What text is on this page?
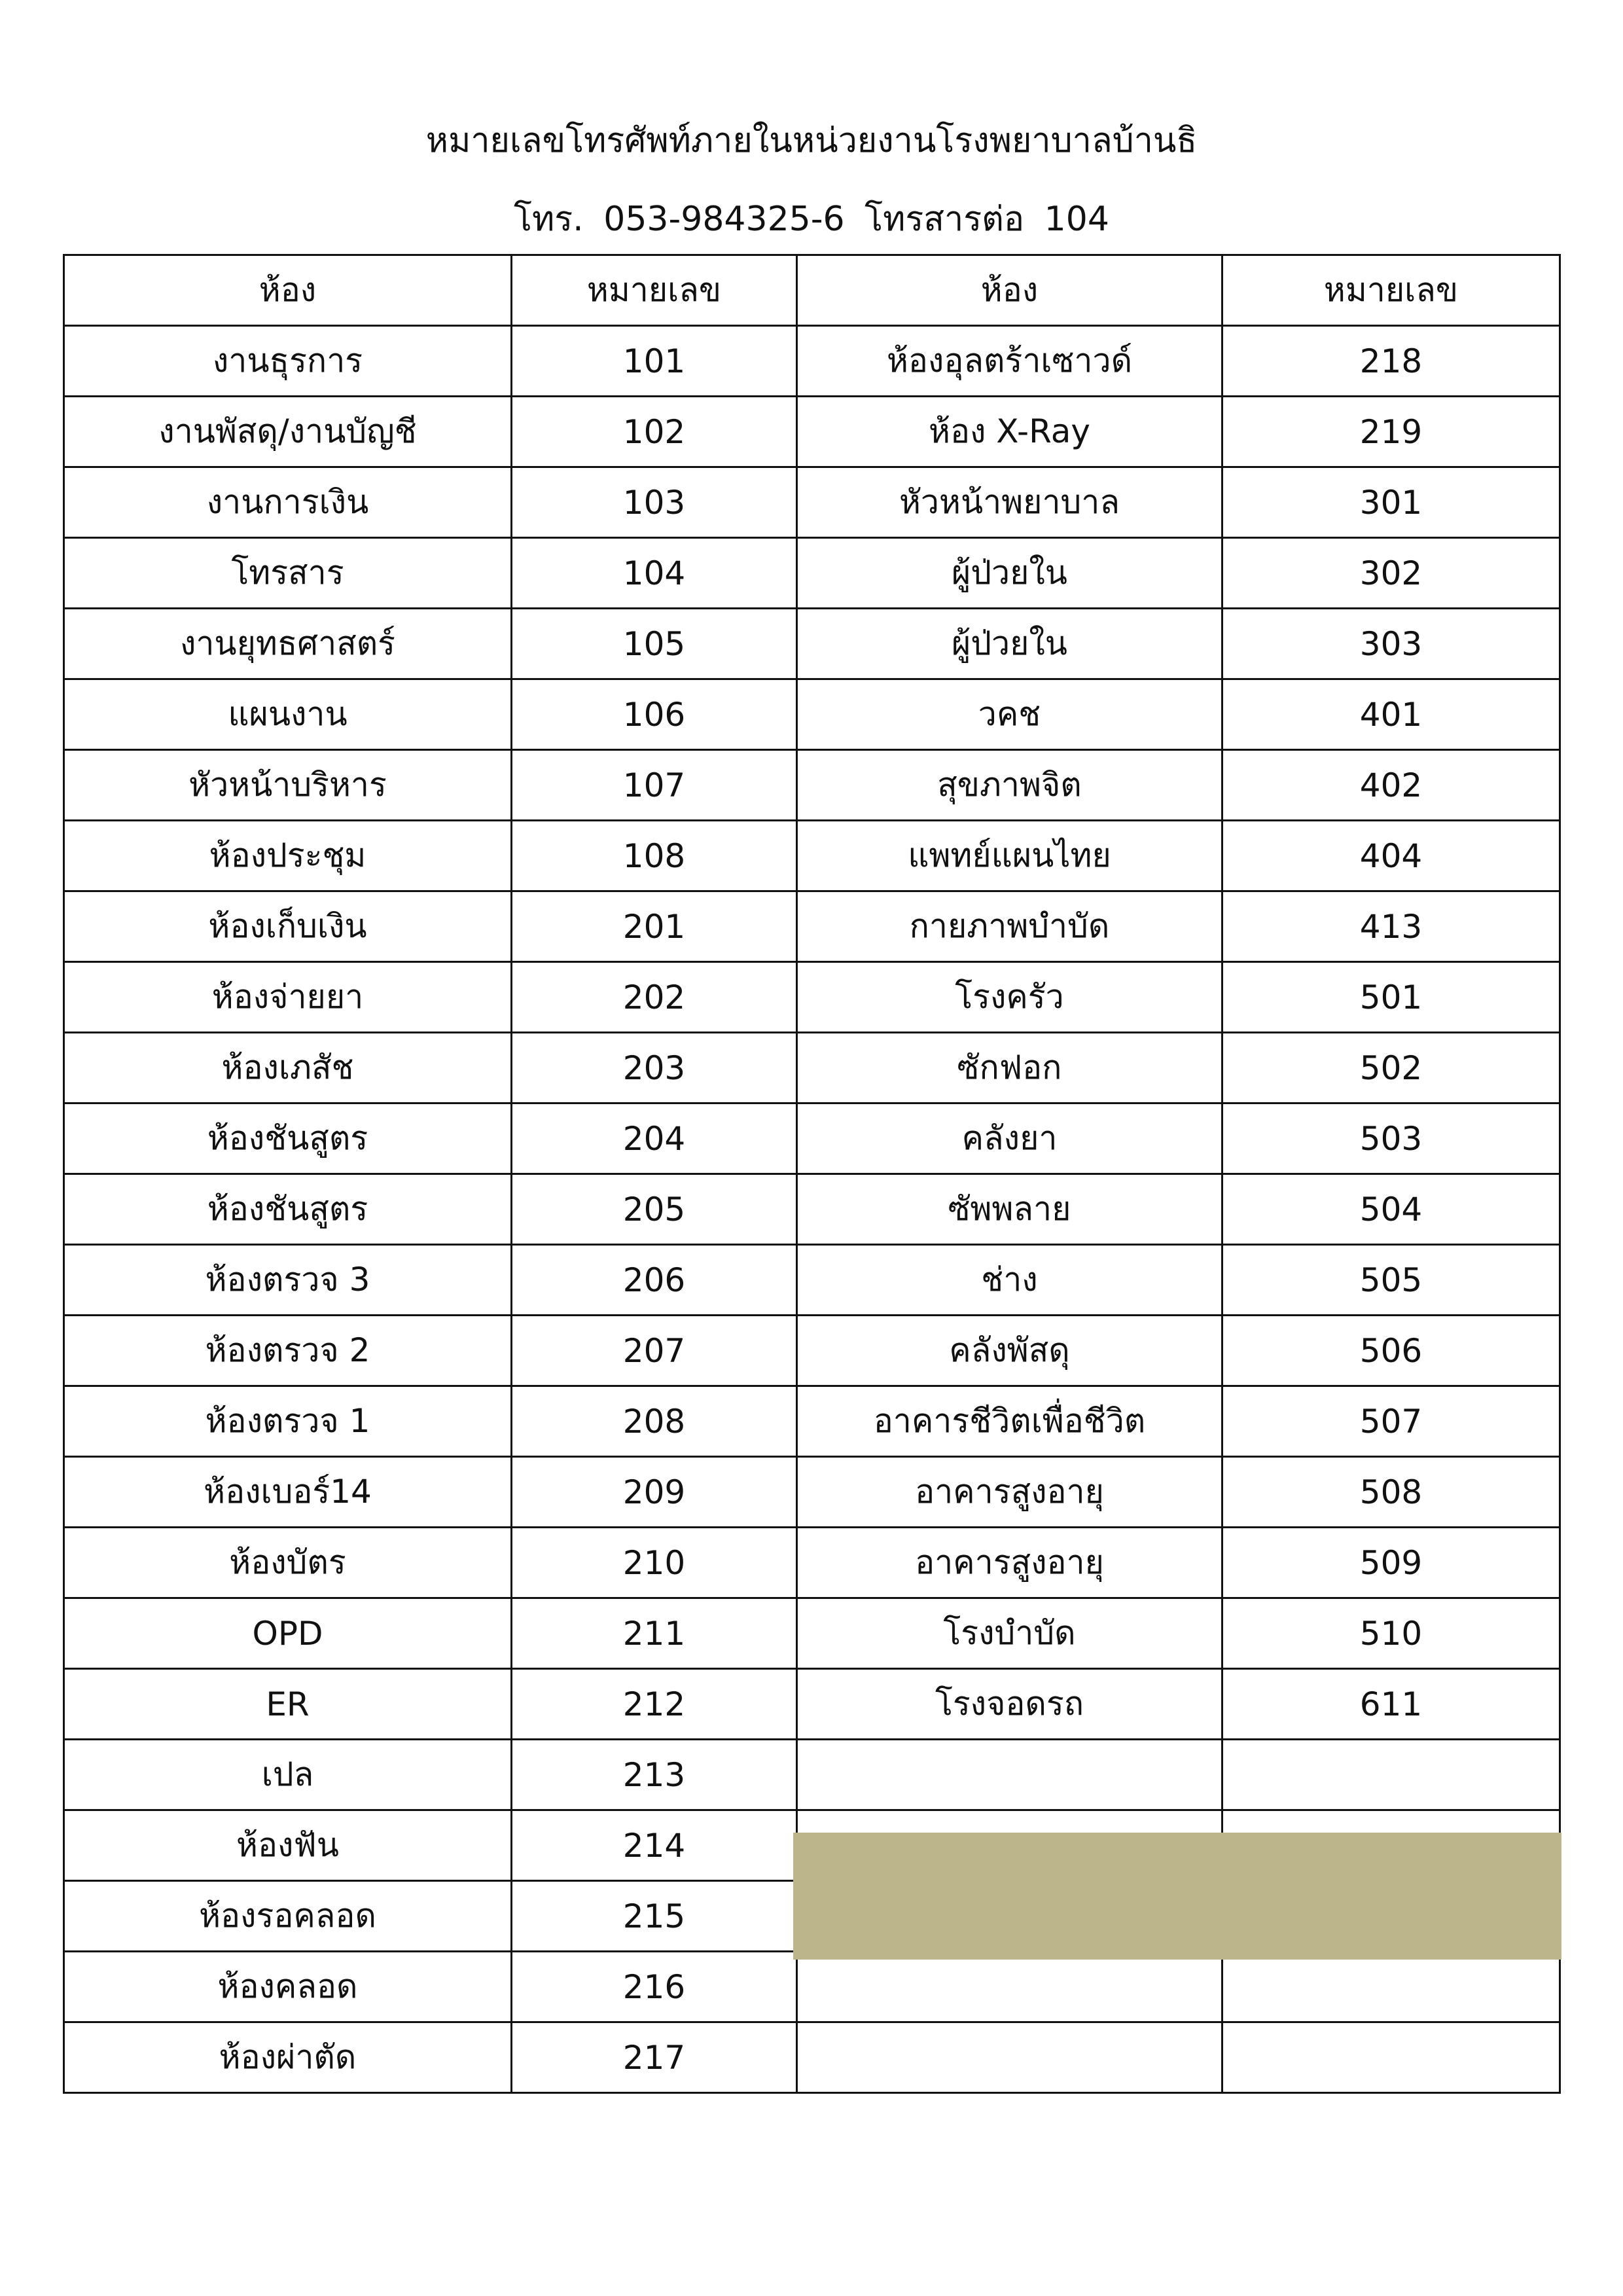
หมายเลขโทรศัพท์ภายในหน่วยงานโรงพยาบาลบ้านธิ
โทร. 053-984325-6 โทรสารต่อ 104
ห้อง	หมายเลข	ห้อง	หมายเลข
งานธุรการ	101	ห้องอุลตร้าเซาวด์	218
งานพัสดุ/งานบัญชี	102	ห้อง X-Ray	219
งานการเงิน	103	หัวหน้าพยาบาล	301
โทรสาร	104	ผู้ป่วยใน	302
งานยุทธศาสตร์	105	ผู้ป่วยใน	303
แผนงาน	106	วคช	401
หัวหน้าบริหาร	107	สุขภาพจิต	402
ห้องประชุม	108	แพทย์แผนไทย	404
ห้องเก็บเงิน	201	กายภาพบำบัด	413
ห้องจ่ายยา	202	โรงครัว	501
ห้องเภสัช	203	ซักฟอก	502
ห้องชันสูตร	204	คลังยา	503
ห้องชันสูตร	205	ซัพพลาย	504
ห้องตรวจ 3	206	ช่าง	505
ห้องตรวจ 2	207	คลังพัสดุ	506
ห้องตรวจ 1	208	อาคารชีวิตเพื่อชีวิต	507
ห้องเบอร์14	209	อาคารสูงอายุ	508
ห้องบัตร	210	อาคารสูงอายุ	509
OPD	211	โรงบำบัด	510
ER	212	โรงจอดรถ	611
เปล	213		
ห้องฟัน	214		
ห้องรอคลอด	215		
ห้องคลอด	216		
ห้องผ่าตัด	217		
